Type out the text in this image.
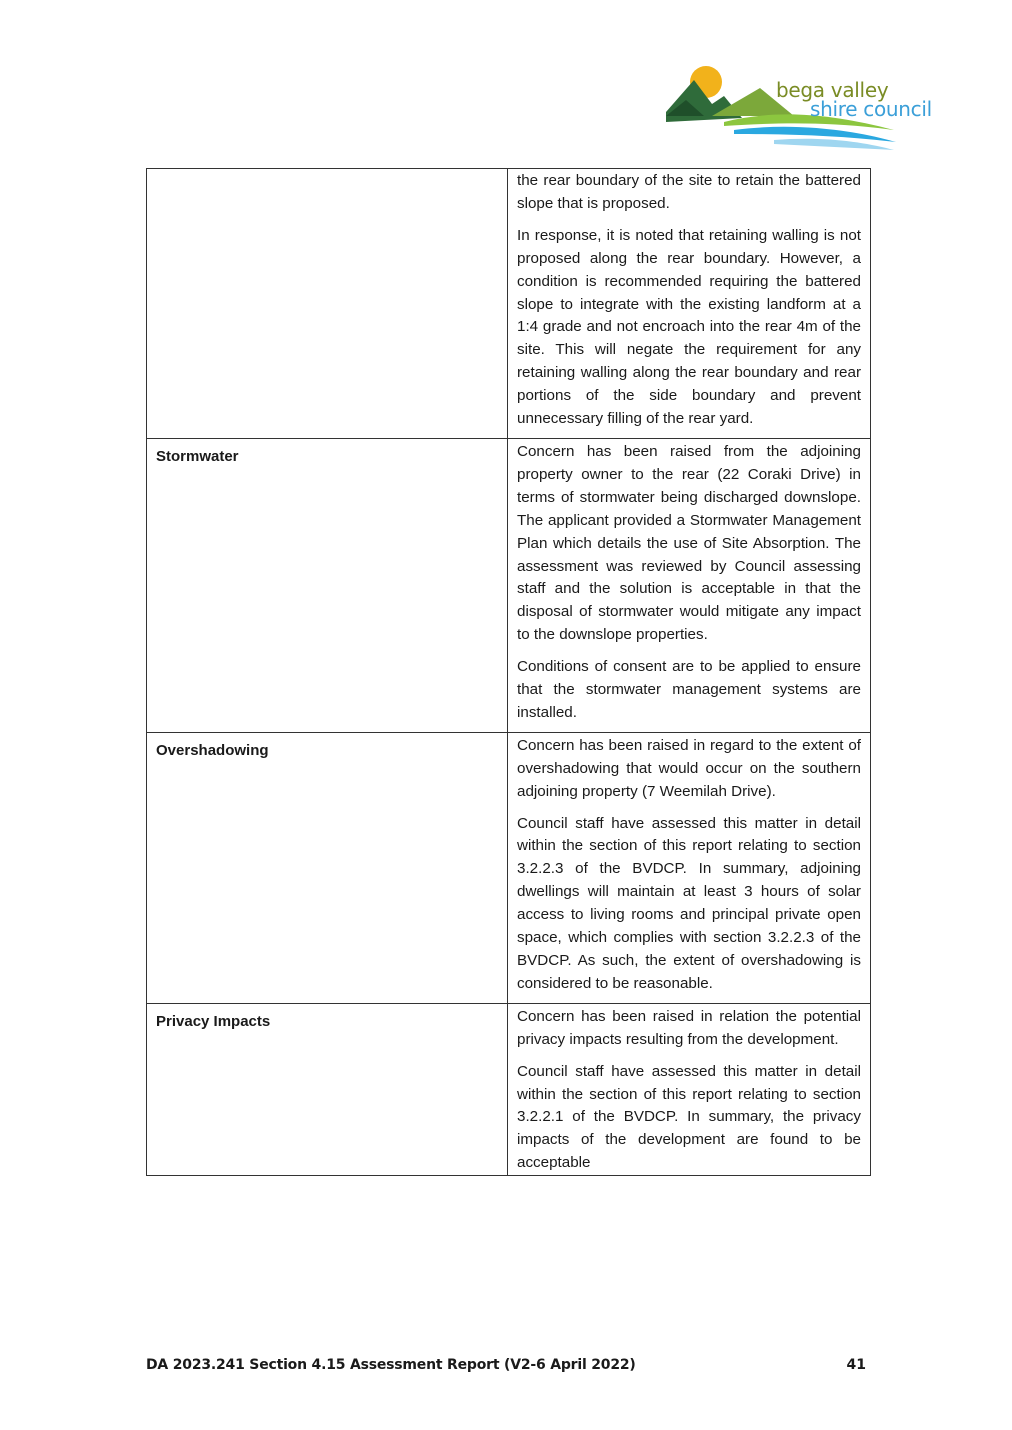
bega valley
shire council

	the rear boundary of the site to retain the battered slope that is proposed.

In response, it is noted that retaining walling is not proposed along the rear boundary. However, a condition is recommended requiring the battered slope to integrate with the existing landform at a 1:4 grade and not encroach into the rear 4m of the site. This will negate the requirement for any retaining walling along the rear boundary and rear portions of the side boundary and prevent unnecessary filling of the rear yard.

Stormwater	Concern has been raised from the adjoining property owner to the rear (22 Coraki Drive) in terms of stormwater being discharged downslope. The applicant provided a Stormwater Management Plan which details the use of Site Absorption. The assessment was reviewed by Council assessing staff and the solution is acceptable in that the disposal of stormwater would mitigate any impact to the downslope properties.

Conditions of consent are to be applied to ensure that the stormwater management systems are installed.

Overshadowing	Concern has been raised in regard to the extent of overshadowing that would occur on the southern adjoining property (7 Weemilah Drive).

Council staff have assessed this matter in detail within the section of this report relating to section 3.2.2.3 of the BVDCP. In summary, adjoining dwellings will maintain at least 3 hours of solar access to living rooms and principal private open space, which complies with section 3.2.2.3 of the BVDCP. As such, the extent of overshadowing is considered to be reasonable.

Privacy Impacts	Concern has been raised in relation the potential privacy impacts resulting from the development.

Council staff have assessed this matter in detail within the section of this report relating to section 3.2.2.1 of the BVDCP. In summary, the privacy impacts of the development are found to be acceptable

DA 2023.241 Section 4.15 Assessment Report (V2-6 April 2022)	41
